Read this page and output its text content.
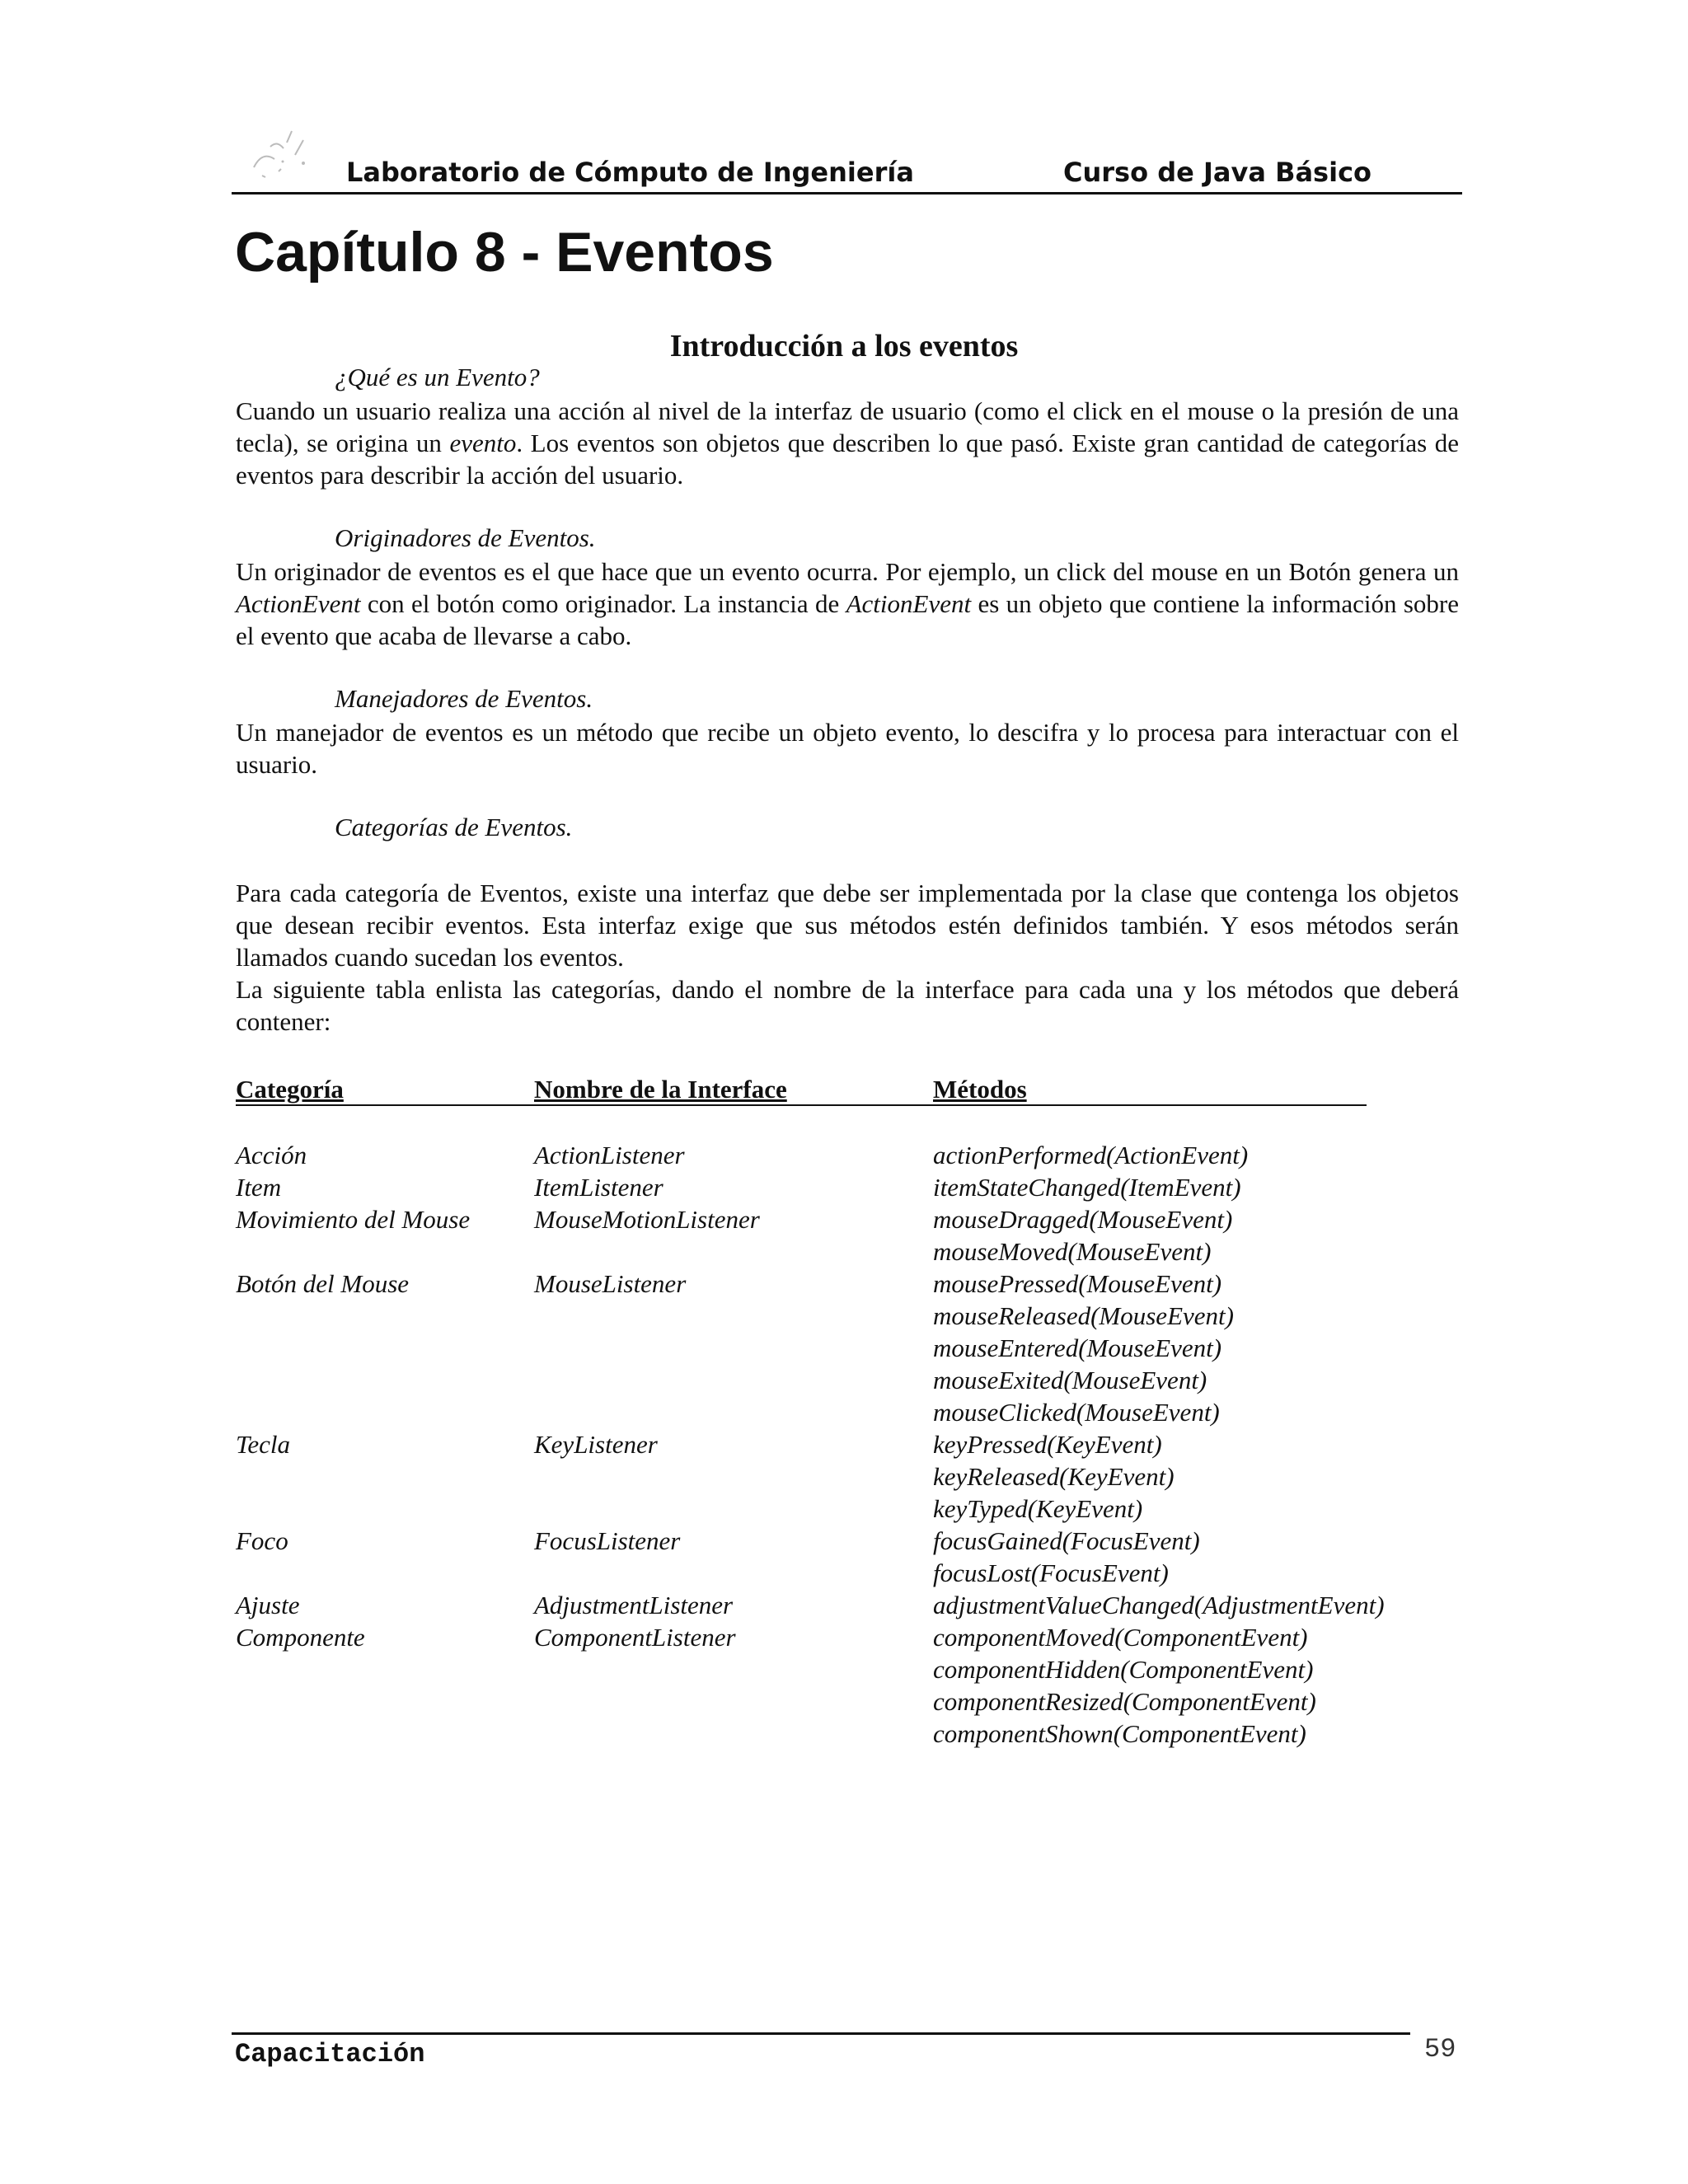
Laboratorio de Cómputo de Ingeniería	Curso de Java Básico
Capítulo 8 - Eventos
Introducción a los eventos
¿Qué es un Evento?

Cuando un usuario realiza una acción al nivel de la interfaz de usuario (como el click en el mouse o la presión de una tecla), se origina un evento. Los eventos son objetos que describen lo que pasó. Existe gran cantidad de categorías de eventos para describir la acción del usuario.

Originadores de Eventos.

Un originador de eventos es el que hace que un evento ocurra. Por ejemplo, un click del mouse en un Botón genera un ActionEvent con el botón como originador. La instancia de ActionEvent es un objeto que contiene la información sobre el evento que acaba de llevarse a cabo.

Manejadores de Eventos.

Un manejador de eventos es un método que recibe un objeto evento, lo descifra y lo procesa para interactuar con el usuario.

Categorías de Eventos.

Para cada categoría de Eventos, existe una interfaz que debe ser implementada por la clase que contenga los objetos que desean recibir eventos. Esta interfaz exige que sus métodos estén definidos también. Y esos métodos serán llamados cuando sucedan los eventos.

La siguiente tabla enlista las categorías, dando el nombre de la interface para cada una y los métodos que deberá contener:

Categoría	Nombre de la Interface	Métodos
Acción	ActionListener	actionPerformed(ActionEvent)
Item	ItemListener	itemStateChanged(ItemEvent)
Movimiento del Mouse	MouseMotionListener	mouseDragged(MouseEvent)
mouseMoved(MouseEvent)
Botón del Mouse	MouseListener	mousePressed(MouseEvent)
mouseReleased(MouseEvent)
mouseEntered(MouseEvent)
mouseExited(MouseEvent)
mouseClicked(MouseEvent)
Tecla	KeyListener	keyPressed(KeyEvent)
keyReleased(KeyEvent)
keyTyped(KeyEvent)
Foco	FocusListener	focusGained(FocusEvent)
focusLost(FocusEvent)
Ajuste	AdjustmentListener	adjustmentValueChanged(AdjustmentEvent)
Componente	ComponentListener	componentMoved(ComponentEvent)
componentHidden(ComponentEvent)
componentResized(ComponentEvent)
componentShown(ComponentEvent)
Capacitación	59
